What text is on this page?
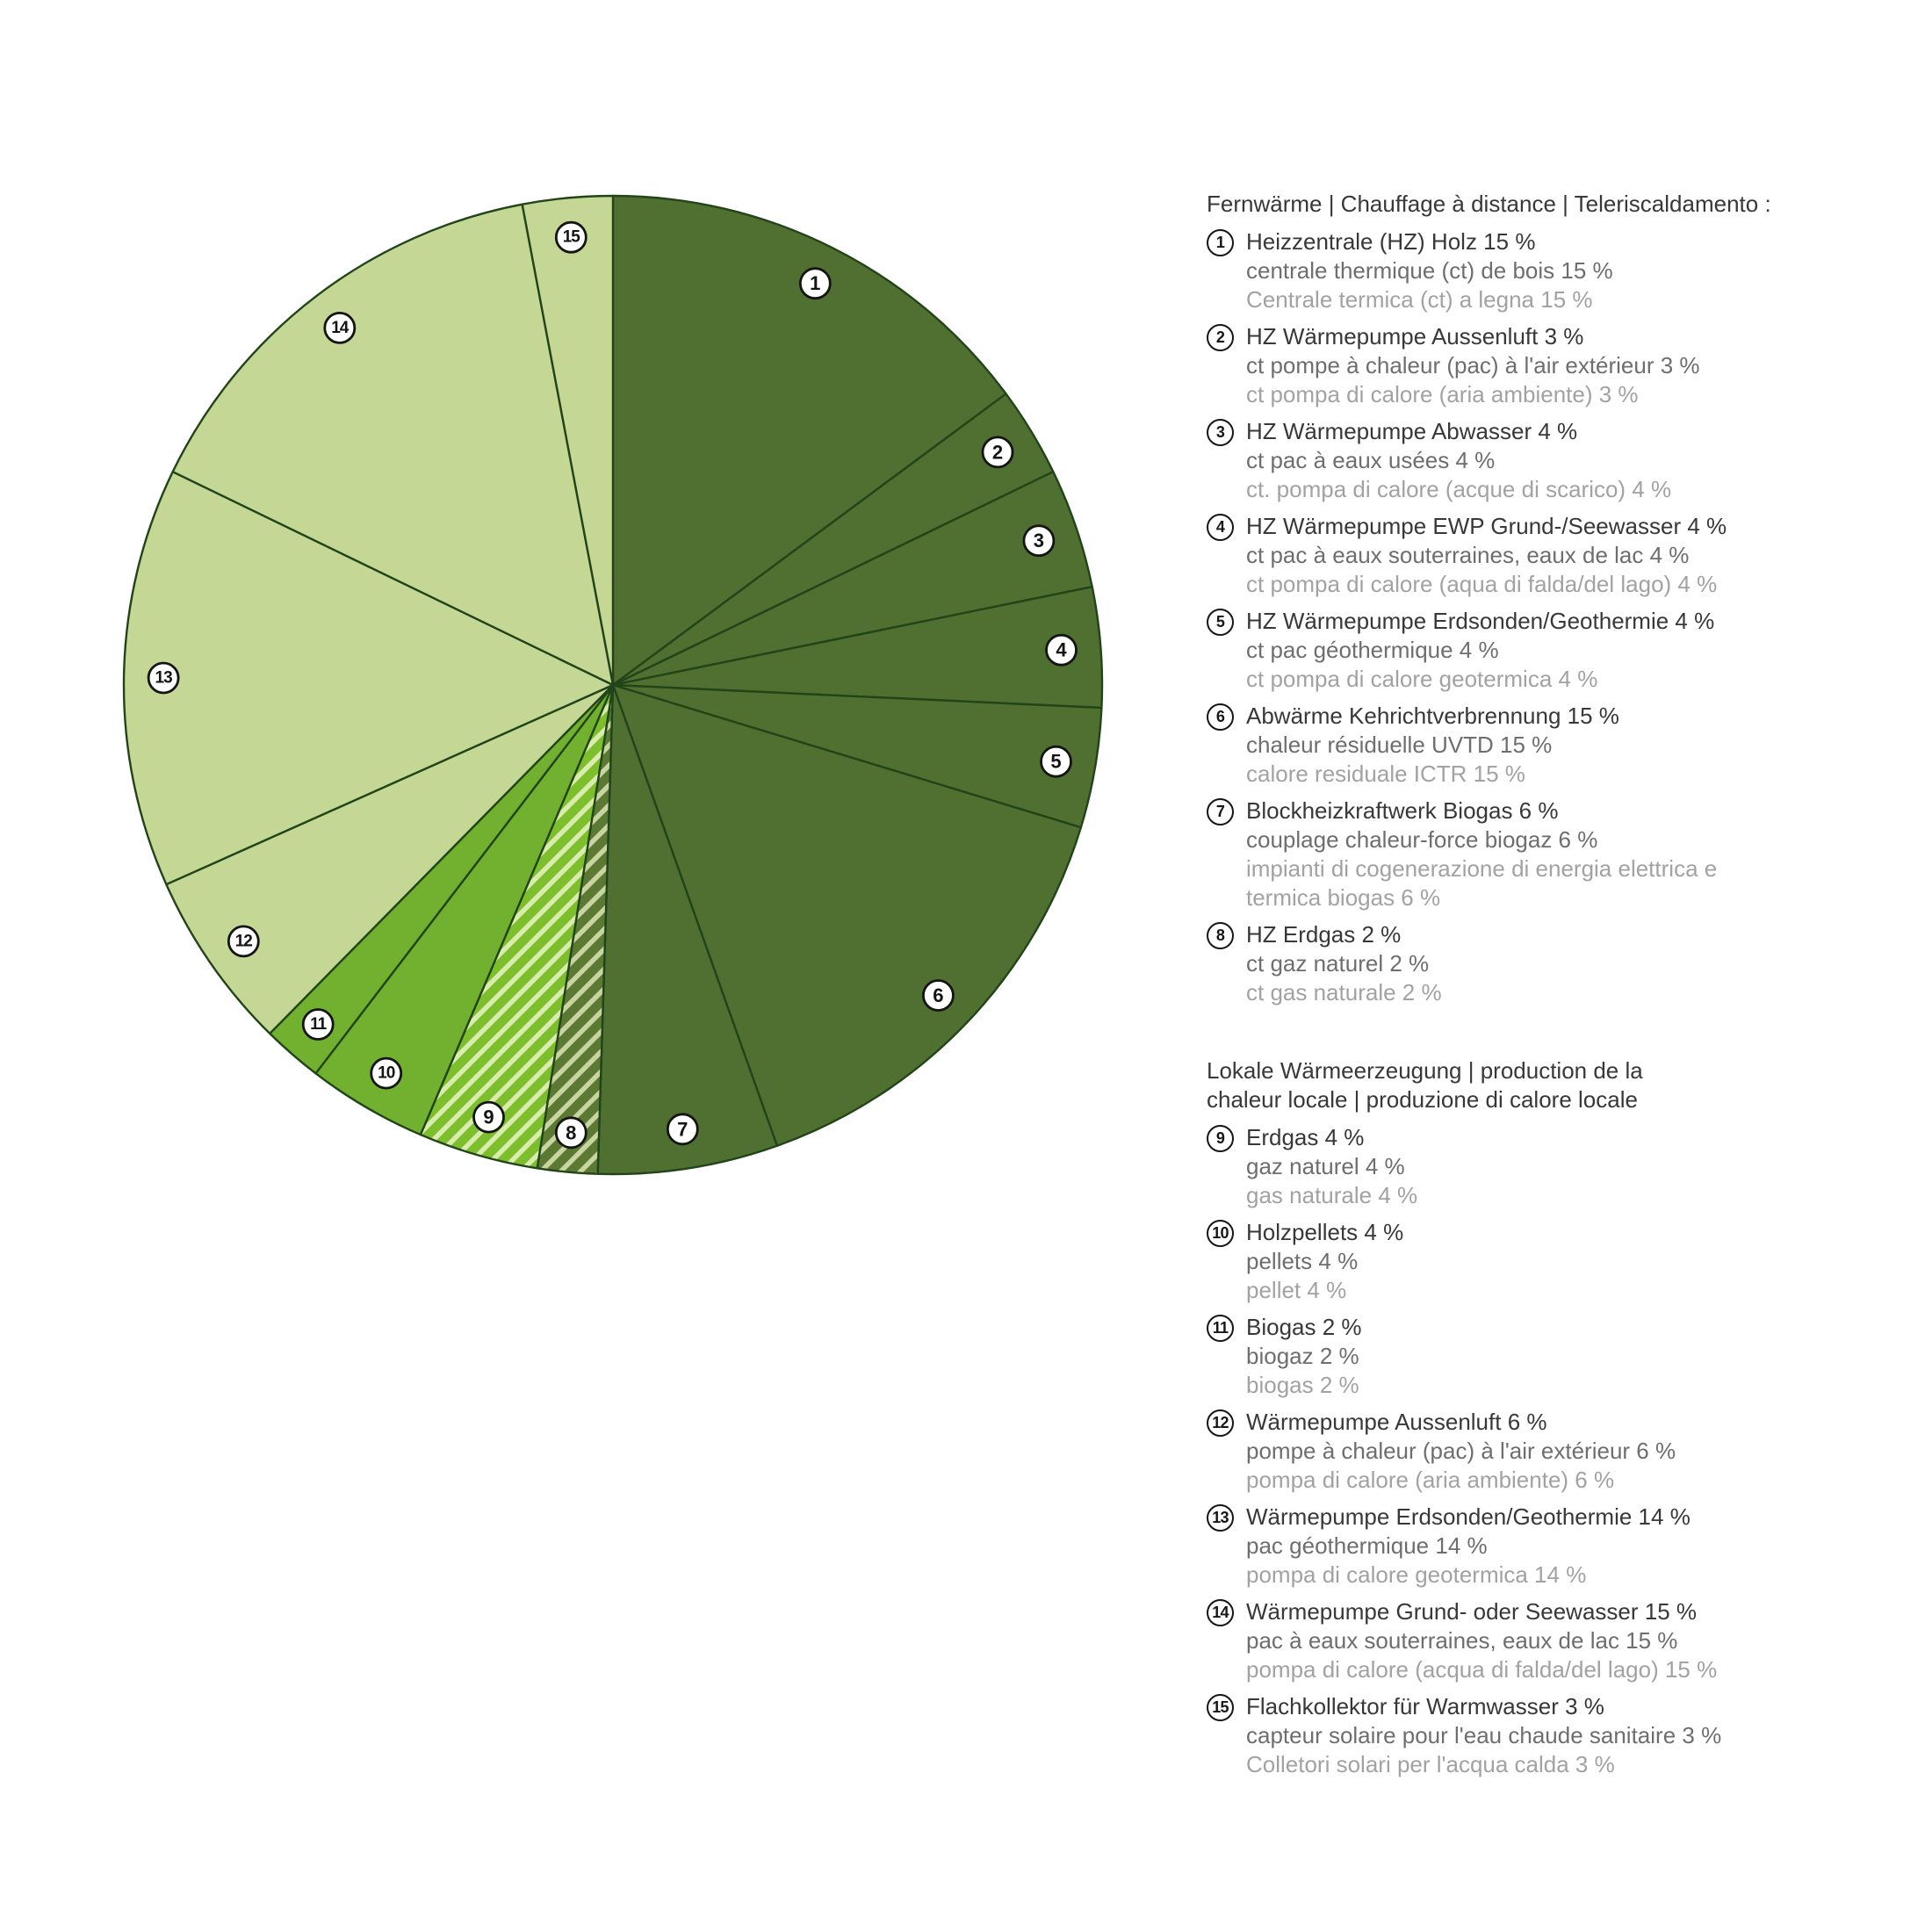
1
2
3
4
5
6
7
8
9
10
11
12
13
14
15
Fernwärme | Chauffage à distance | Teleriscaldamento :
1 Heizzentrale (HZ) Holz 15 %
centrale thermique (ct) de bois 15 %
Centrale termica (ct) a legna 15 %
2 HZ Wärmepumpe Aussenluft 3 %
ct pompe à chaleur (pac) à l'air extérieur 3 %
ct pompa di calore (aria ambiente) 3 %
3 HZ Wärmepumpe Abwasser 4 %
ct pac à eaux usées 4 %
ct. pompa di calore (acque di scarico) 4 %
4 HZ Wärmepumpe EWP Grund-/Seewasser 4 %
ct pac à eaux souterraines, eaux de lac 4 %
ct pompa di calore (aqua di falda/del lago) 4 %
5 HZ Wärmepumpe Erdsonden/Geothermie 4 %
ct pac géothermique 4 %
ct pompa di calore geotermica 4 %
6 Abwärme Kehrichtverbrennung 15 %
chaleur résiduelle UVTD 15 %
calore residuale ICTR 15 %
7 Blockheizkraftwerk Biogas 6 %
couplage chaleur-force biogaz 6 %
impianti di cogenerazione di energia elettrica e
termica biogas 6 %
8 HZ Erdgas 2 %
ct gaz naturel 2 %
ct gas naturale 2 %
Lokale Wärmeerzeugung | production de la
chaleur locale | produzione di calore locale
9 Erdgas 4 %
gaz naturel 4 %
gas naturale 4 %
10 Holzpellets 4 %
pellets 4 %
pellet 4 %
11 Biogas 2 %
biogaz 2 %
biogas 2 %
12 Wärmepumpe Aussenluft 6 %
pompe à chaleur (pac) à l'air extérieur 6 %
pompa di calore (aria ambiente) 6 %
13 Wärmepumpe Erdsonden/Geothermie 14 %
pac géothermique 14 %
pompa di calore geotermica 14 %
14 Wärmepumpe Grund- oder Seewasser 15 %
pac à eaux souterraines, eaux de lac 15 %
pompa di calore (acqua di falda/del lago) 15 %
15 Flachkollektor für Warmwasser 3 %
capteur solaire pour l'eau chaude sanitaire 3 %
Colletori solari per l'acqua calda 3 %
